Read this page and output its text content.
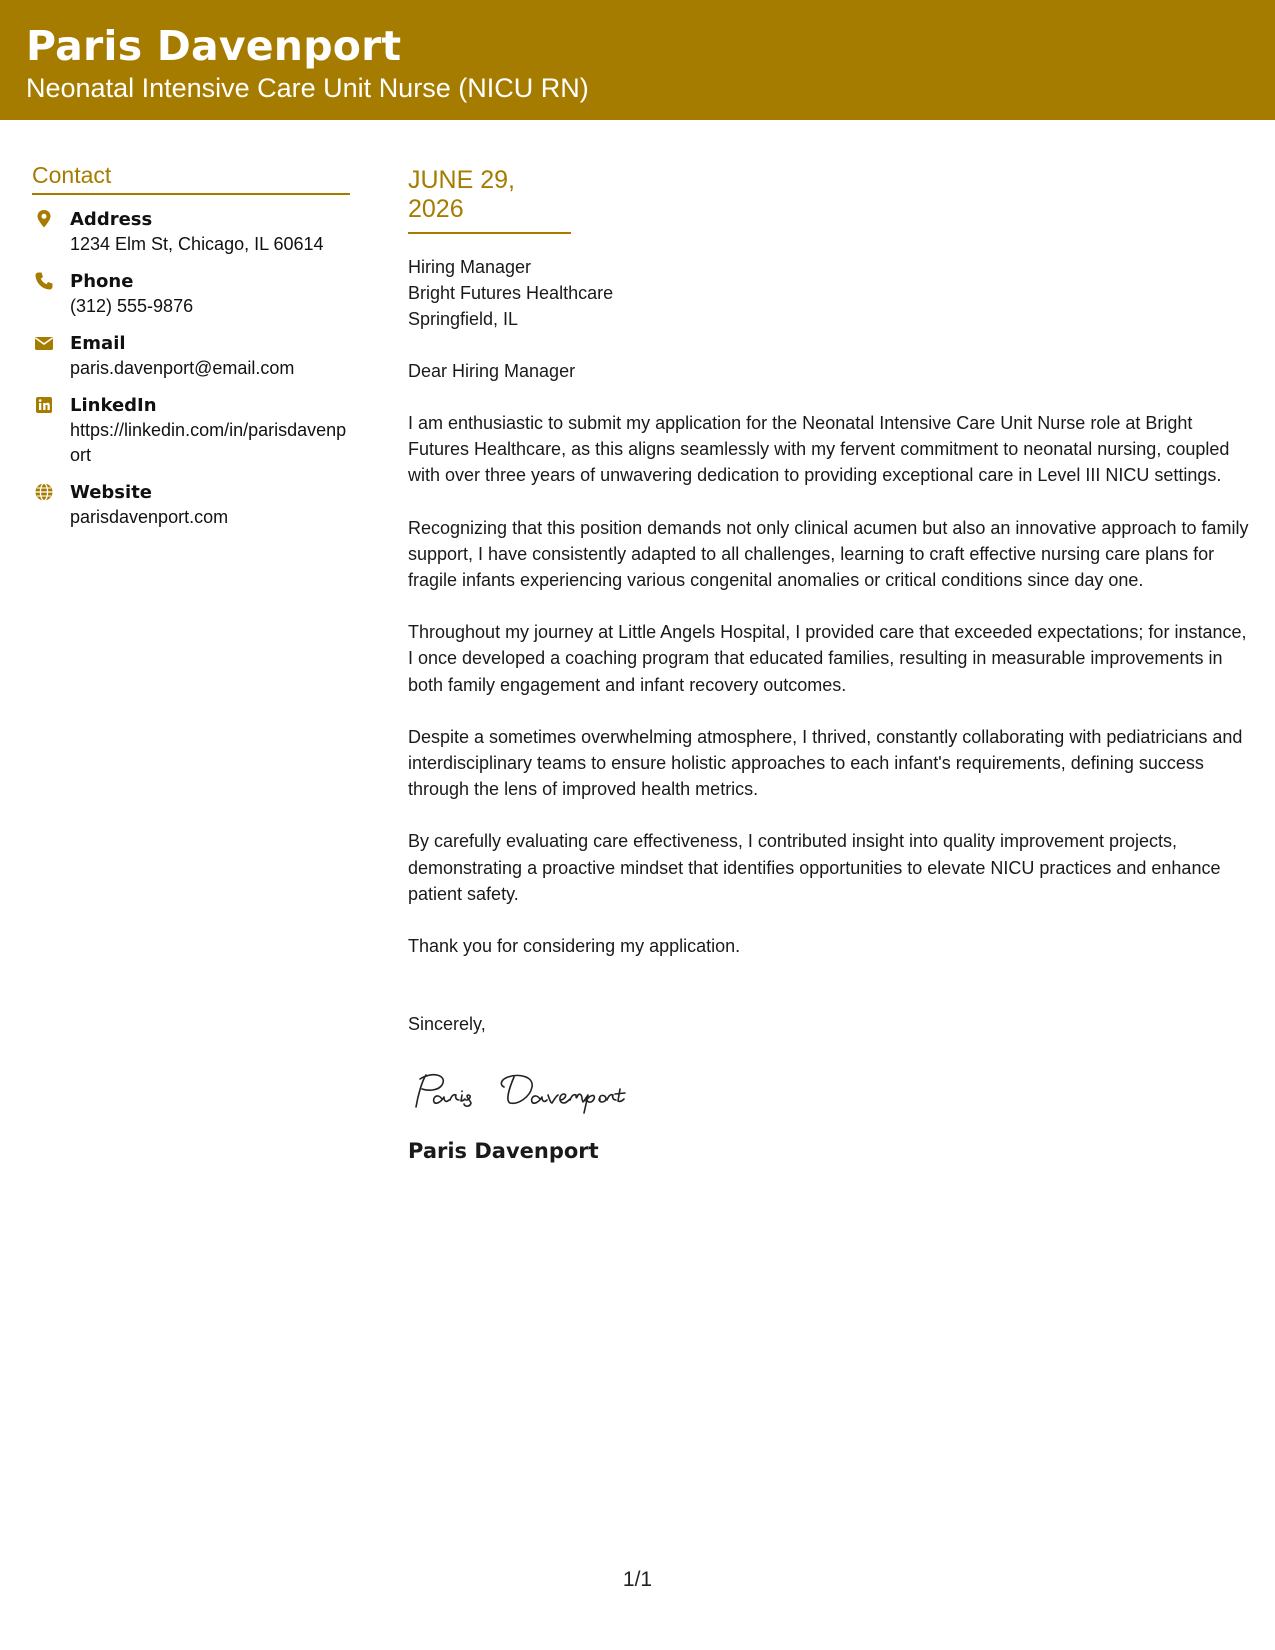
Paris Davenport
Neonatal Intensive Care Unit Nurse (NICU RN)
Contact
Address
1234 Elm St, Chicago, IL 60614
Phone
(312) 555-9876
Email
paris.davenport@email.com
LinkedIn
https://linkedin.com/in/parisdavenport
Website
parisdavenport.com
JUNE 29, 2026
Hiring Manager
Bright Futures Healthcare
Springfield, IL
Dear Hiring Manager
I am enthusiastic to submit my application for the Neonatal Intensive Care Unit Nurse role at Bright Futures Healthcare, as this aligns seamlessly with my fervent commitment to neonatal nursing, coupled with over three years of unwavering dedication to providing exceptional care in Level III NICU settings.
Recognizing that this position demands not only clinical acumen but also an innovative approach to family support, I have consistently adapted to all challenges, learning to craft effective nursing care plans for fragile infants experiencing various congenital anomalies or critical conditions since day one.
Throughout my journey at Little Angels Hospital, I provided care that exceeded expectations; for instance, I once developed a coaching program that educated families, resulting in measurable improvements in both family engagement and infant recovery outcomes.
Despite a sometimes overwhelming atmosphere, I thrived, constantly collaborating with pediatricians and interdisciplinary teams to ensure holistic approaches to each infant's requirements, defining success through the lens of improved health metrics.
By carefully evaluating care effectiveness, I contributed insight into quality improvement projects, demonstrating a proactive mindset that identifies opportunities to elevate NICU practices and enhance patient safety.
Thank you for considering my application.
Sincerely,
Paris Davenport
1/1
